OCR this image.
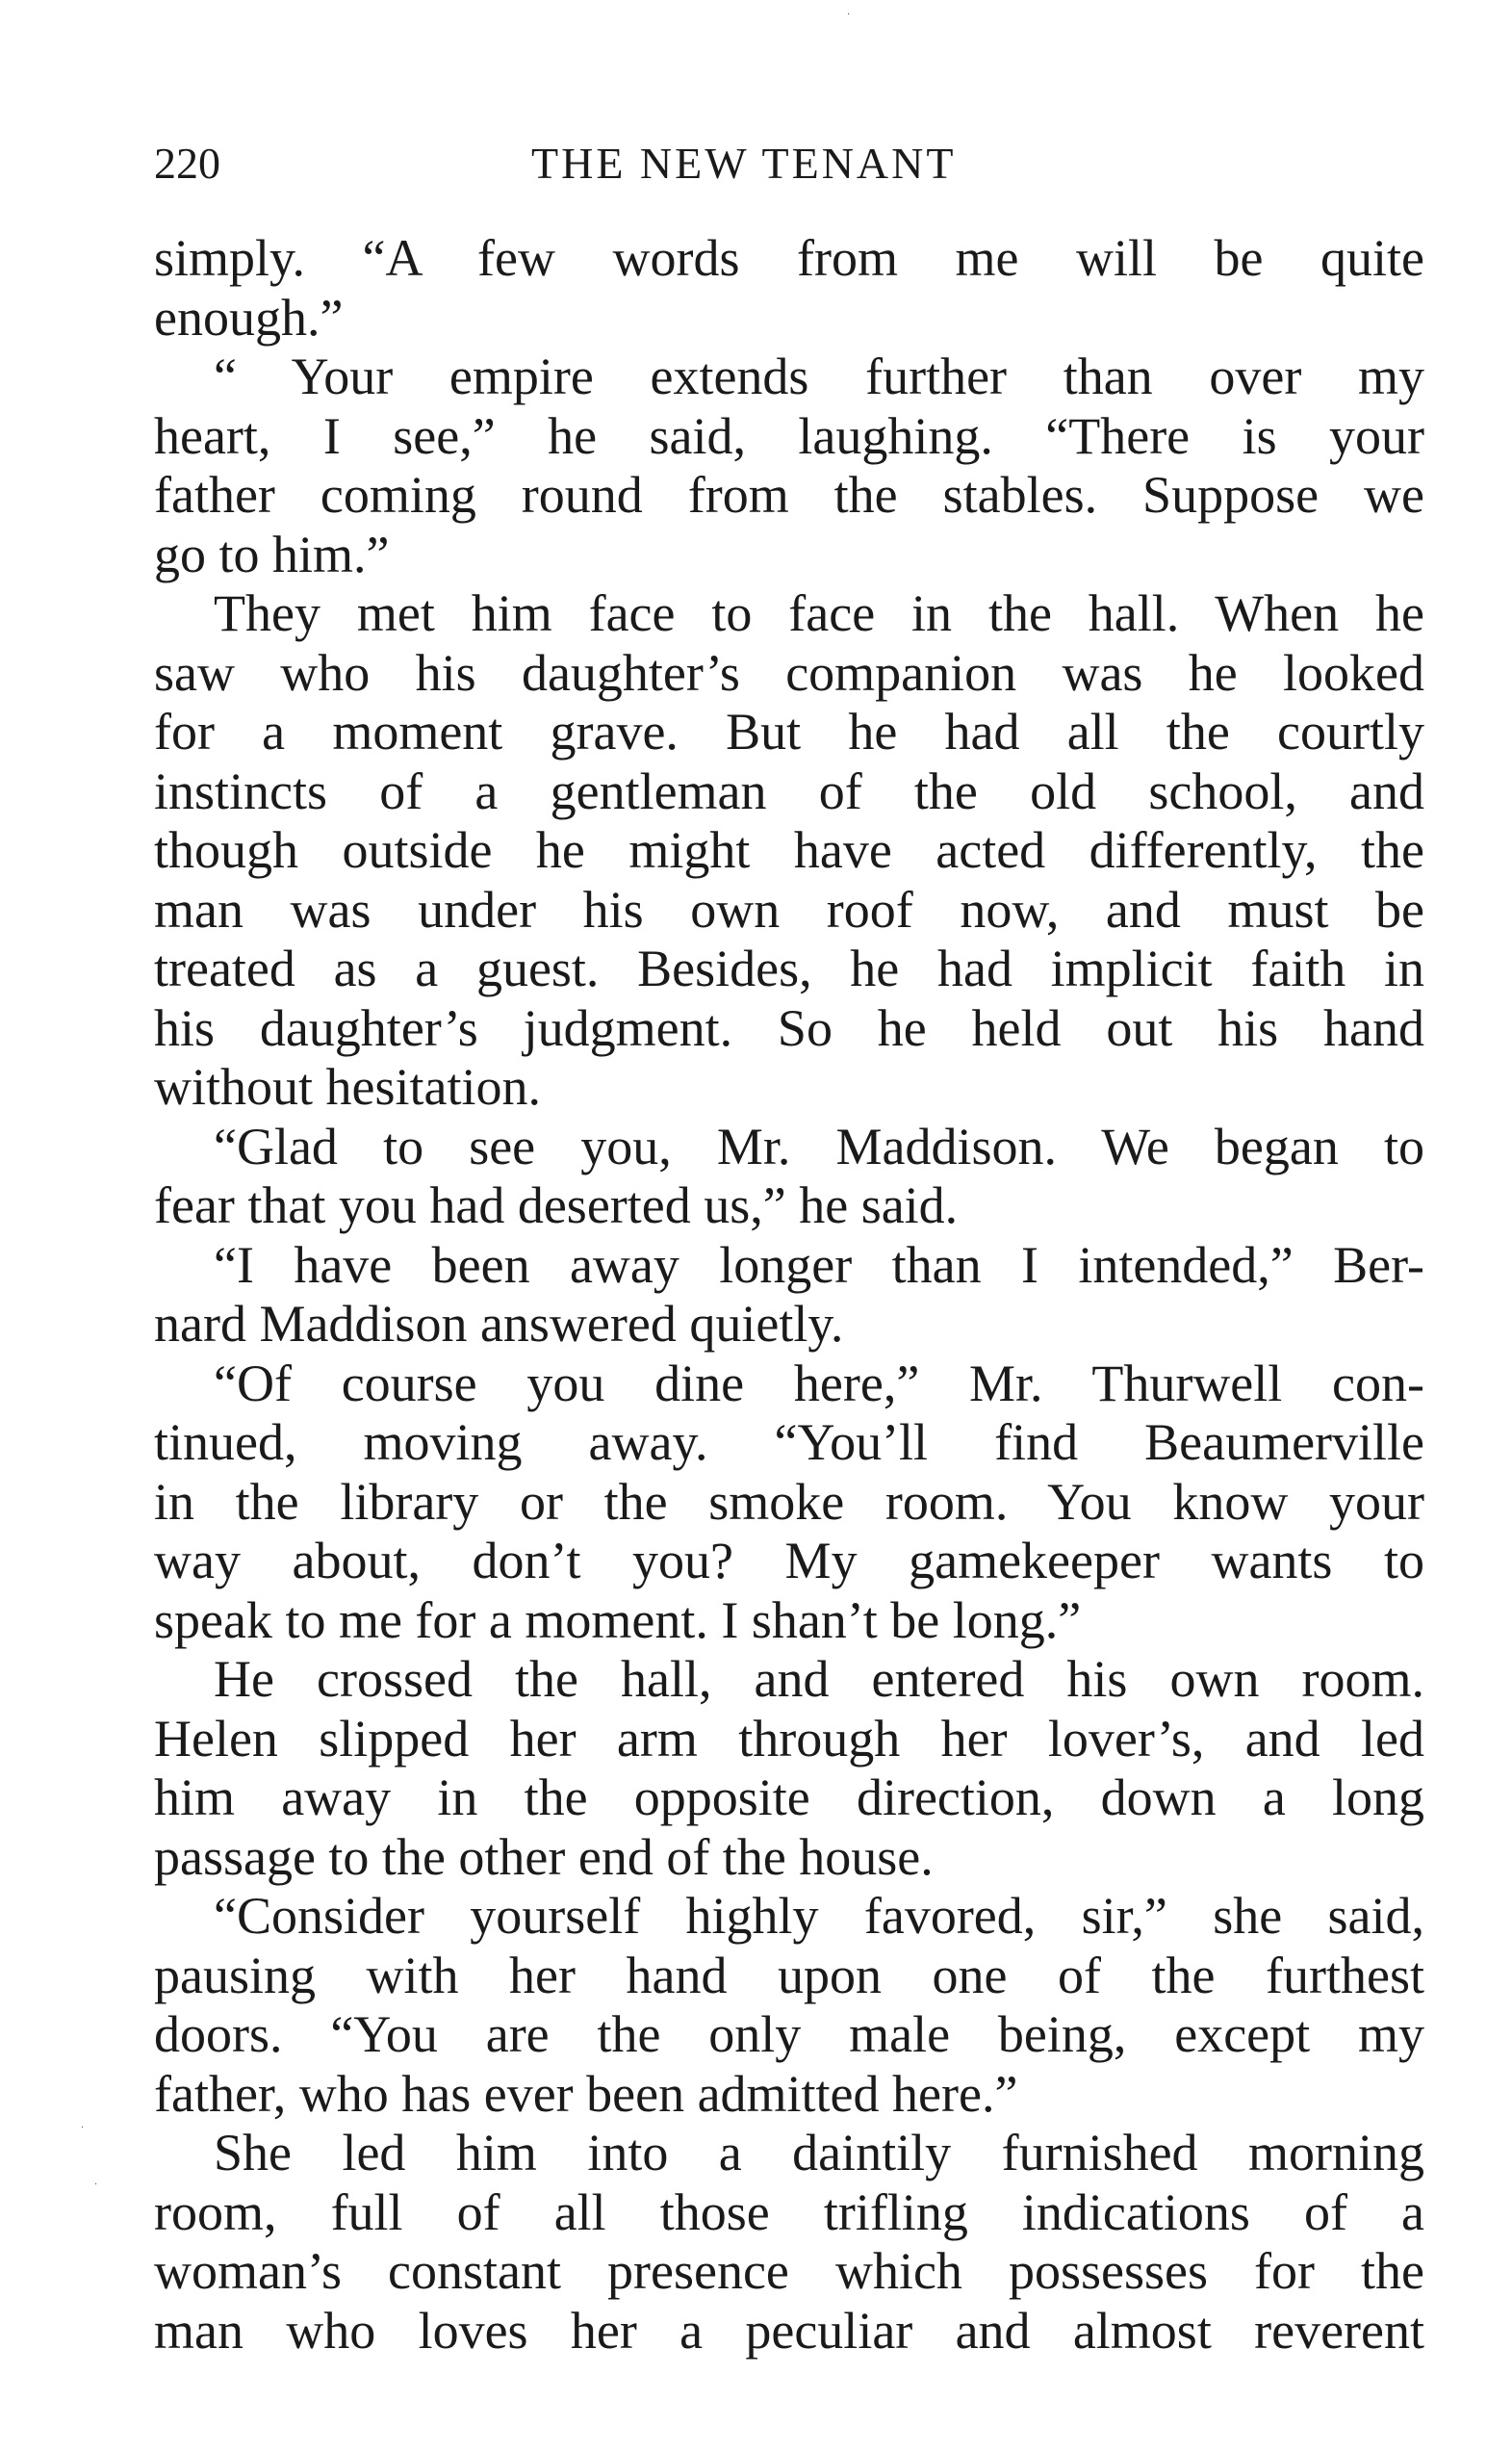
220	THE NEW TENANT
simply. “A few words from me will be quite
enough.”
“ Your empire extends further than over my
heart, I see,” he said, laughing. “There is your
father coming round from the stables. Suppose we
go to him.”
They met him face to face in the hall. When he
saw who his daughter’s companion was he looked
for a moment grave. But he had all the courtly
instincts of a gentleman of the old school, and
though outside he might have acted differently, the
man was under his own roof now, and must be
treated as a guest. Besides, he had implicit faith in
his daughter’s judgment. So he held out his hand
without hesitation.
“Glad to see you, Mr. Maddison. We began to
fear that you had deserted us,” he said.
“I have been away longer than I intended,” Ber-
nard Maddison answered quietly.
“Of course you dine here,” Mr. Thurwell con-
tinued, moving away. “You’ll find Beaumerville
in the library or the smoke room. You know your
way about, don’t you? My gamekeeper wants to
speak to me for a moment. I shan’t be long.”
He crossed the hall, and entered his own room.
Helen slipped her arm through her lover’s, and led
him away in the opposite direction, down a long
passage to the other end of the house.
“Consider yourself highly favored, sir,” she said,
pausing with her hand upon one of the furthest
doors. “You are the only male being, except my
father, who has ever been admitted here.”
She led him into a daintily furnished morning
room, full of all those trifling indications of a
woman’s constant presence which possesses for the
man who loves her a peculiar and almost reverent
·
·
·
